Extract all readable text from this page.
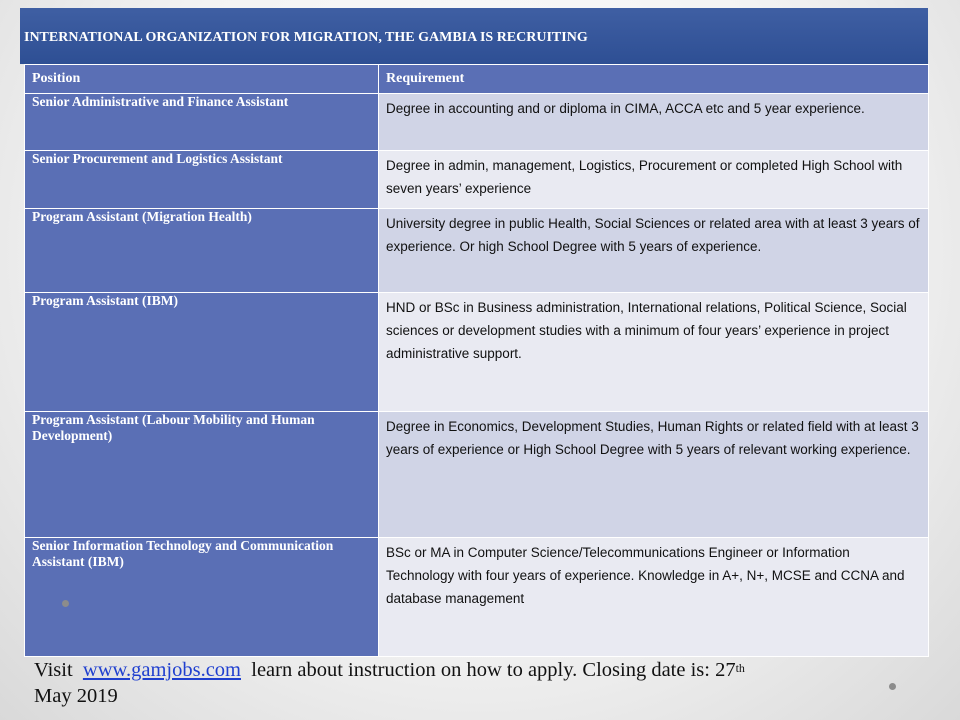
INTERNATIONAL ORGANIZATION FOR MIGRATION, THE GAMBIA IS RECRUITING
Position	Requirement
Senior Administrative and Finance Assistant	Degree in accounting and or diploma in CIMA, ACCA etc and 5 year experience.
Senior Procurement and Logistics Assistant	Degree in admin, management, Logistics, Procurement or completed High School with seven years’ experience
Program Assistant (Migration Health)	University degree in public Health, Social Sciences or related area with at least 3 years of experience. Or high School Degree with 5 years of experience.
Program Assistant (IBM)	HND or BSc in Business administration, International relations, Political Science, Social sciences or development studies with a minimum of four years’ experience in project administrative support.
Program Assistant (Labour Mobility and Human Development)	Degree in Economics, Development Studies, Human Rights or related field with at least 3 years of experience or High School Degree with 5 years of relevant working experience.
Senior Information Technology and Communication Assistant (IBM)	BSc or MA in Computer Science/Telecommunications Engineer or Information Technology with four years of experience. Knowledge in A+, N+, MCSE and CCNA and database management
Visit www.gamjobs.com learn about instruction on how to apply. Closing date is: 27th
May 2019
